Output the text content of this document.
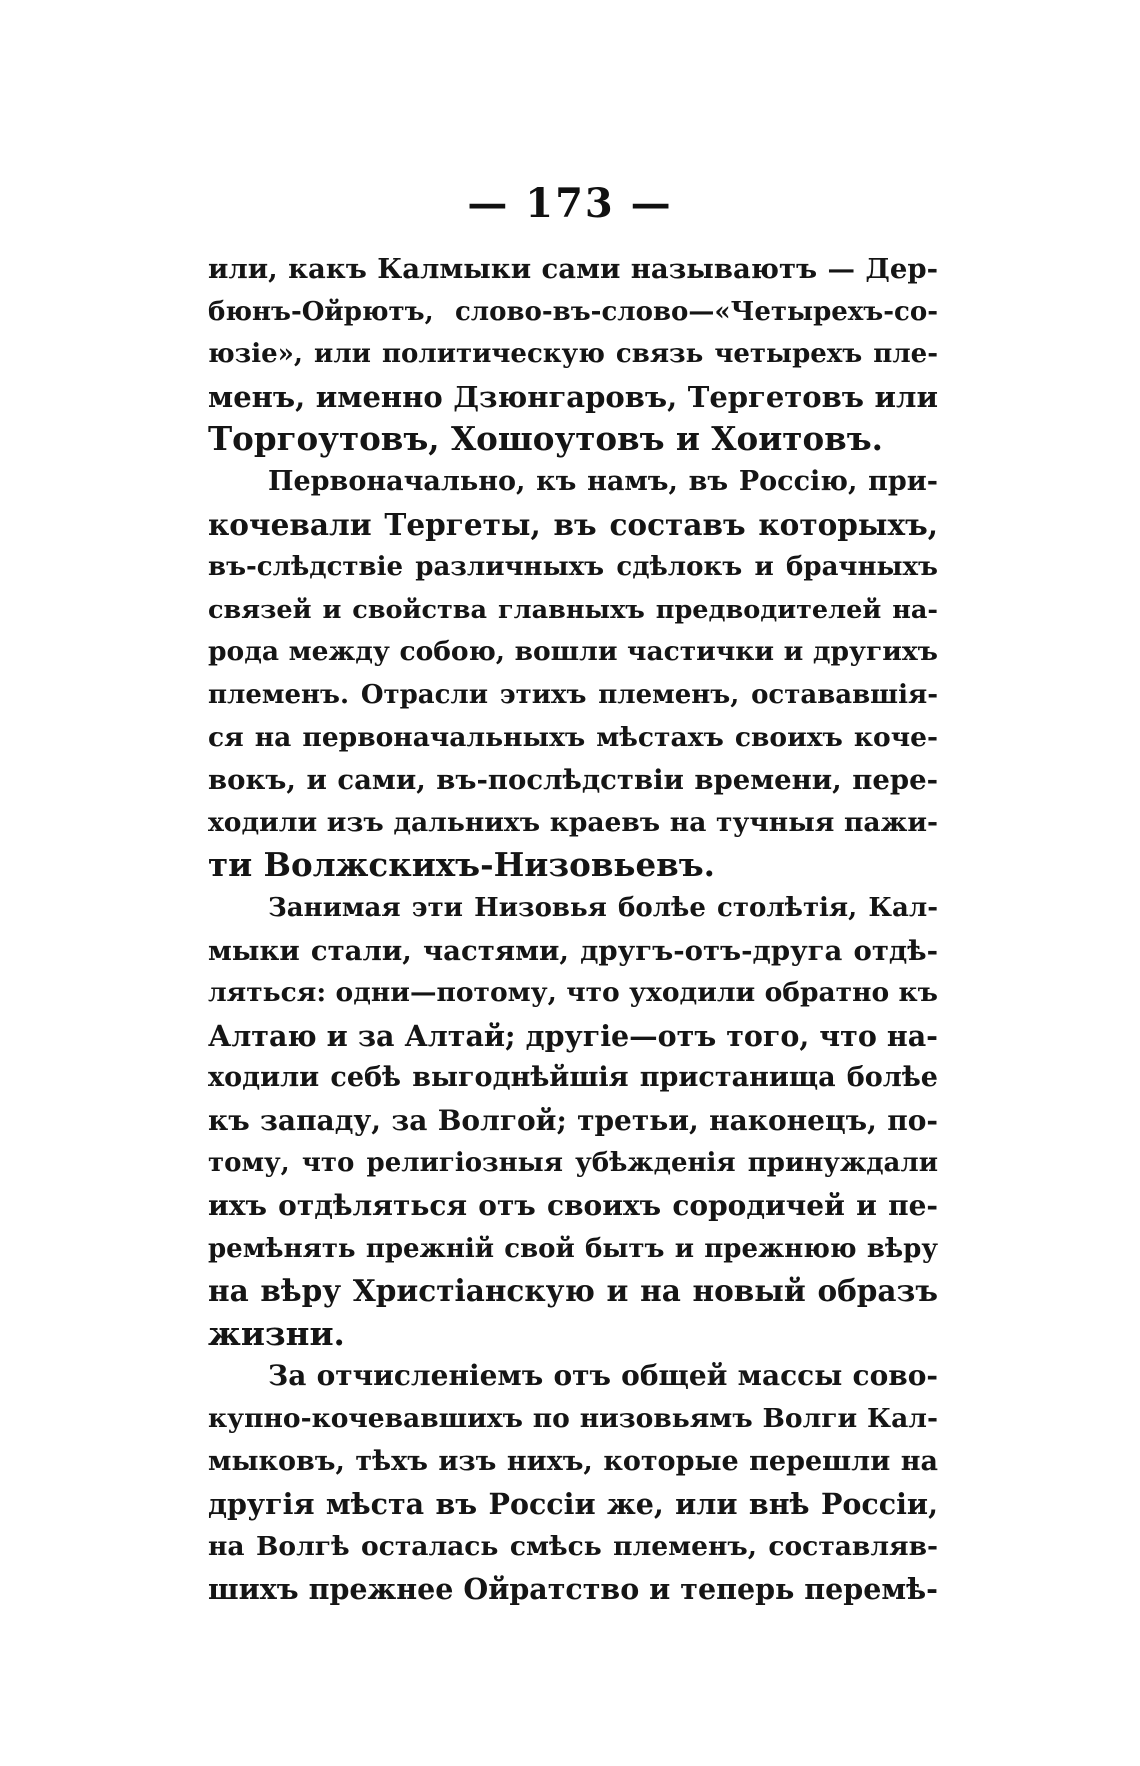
— 173 —
или, какъ Калмыки сами называютъ — Дер-
бюнъ-Ойрютъ, слово-въ-слово—«Четырехъ-со-
юзіе», или политическую связь четырехъ пле-
менъ, именно Дзюнгаровъ, Тергетовъ или
Торгоутовъ, Хошоутовъ и Хоитовъ.
Первоначально, къ намъ, въ Россію, при-
кочевали Тергеты, въ составъ которыхъ,
въ-слѣдствіе различныхъ сдѣлокъ и брачныхъ
связей и свойства главныхъ предводителей на-
рода между собою, вошли частички и другихъ
племенъ. Отрасли этихъ племенъ, остававшія-
ся на первоначальныхъ мѣстахъ своихъ коче-
вокъ, и сами, въ-послѣдствіи времени, пере-
ходили изъ дальнихъ краевъ на тучныя пажи-
ти Волжскихъ-Низовьевъ.
Занимая эти Низовья болѣе столѣтія, Кал-
мыки стали, частями, другъ-отъ-друга отдѣ-
ляться: одни—потому, что уходили обратно къ
Алтаю и за Алтай; другіе—отъ того, что на-
ходили себѣ выгоднѣйшія пристанища болѣе
къ западу, за Волгой; третьи, наконецъ, по-
тому, что религіозныя убѣжденія принуждали
ихъ отдѣляться отъ своихъ сородичей и пе-
ремѣнять прежній свой бытъ и прежнюю вѣру
на вѣру Христіанскую и на новый образъ
жизни.
За отчисленіемъ отъ общей массы сово-
купно-кочевавшихъ по низовьямъ Волги Кал-
мыковъ, тѣхъ изъ нихъ, которые перешли на
другія мѣста въ Россіи же, или внѣ Россіи,
на Волгѣ осталась смѣсь племенъ, составляв-
шихъ прежнее Ойратство и теперь перемѣ-
